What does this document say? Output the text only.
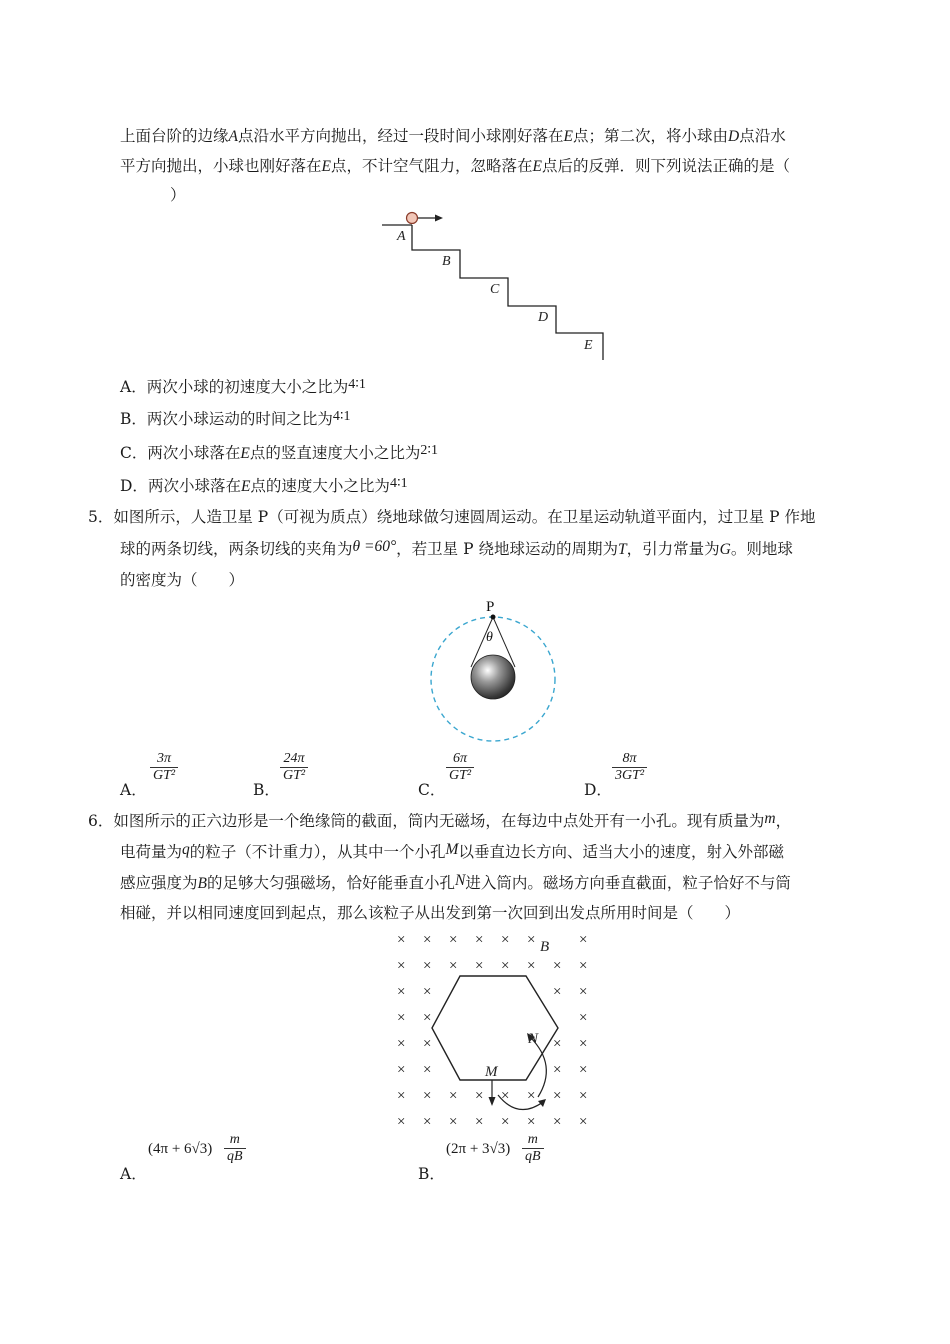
上面台阶的边缘A点沿水平方向抛出，经过一段时间小球刚好落在E点；第二次，将小球由D点沿水
平方向抛出，小球也刚好落在E点，不计空气阻力，忽略落在E点后的反弹．则下列说法正确的是（
）
A
B
C
D
E
A．两次小球的初速度大小之比为4∶1
B．两次小球运动的时间之比为4∶1
C．两次小球落在E点的竖直速度大小之比为2∶1
D．两次小球落在E点的速度大小之比为4∶1
5．如图所示，人造卫星 P（可视为质点）绕地球做匀速圆周运动。在卫星运动轨道平面内，过卫星 P 作地
球的两条切线，两条切线的夹角为θ =60°，若卫星 P 绕地球运动的周期为T，引力常量为G。则地球
的密度为（　　）
P
θ
A．
$\frac{3\pi}{\text{GT²}}$
B．
$\frac{24\pi}{\text{GT²}}$
C．
$\frac{6\pi}{\text{GT²}}$
D．
$\frac{8\pi}{\text{3GT²}}$
6．如图所示的正六边形是一个绝缘筒的截面，筒内无磁场，在每边中点处开有一小孔。现有质量为m，
电荷量为q的粒子（不计重力），从其中一个小孔M以垂直边长方向、适当大小的速度，射入外部磁
感应强度为B的足够大匀强磁场，恰好能垂直小孔N进入筒内。磁场方向垂直截面，粒子恰好不与筒
相碰，并以相同速度回到起点，那么该粒子从出发到第一次回到出发点所用时间是（　　）
× × × × × ×	×
× × × × × × × ×
× ×	× ×
× ×	×
× ×	× ×
× ×	× ×
× × × × × × × ×
× × × × × × × ×
B
M
N
A．
$(4\pi + 6√3) \frac{m}{qB}$
B．
$(2\pi + 3√3) \frac{m}{qB}$
